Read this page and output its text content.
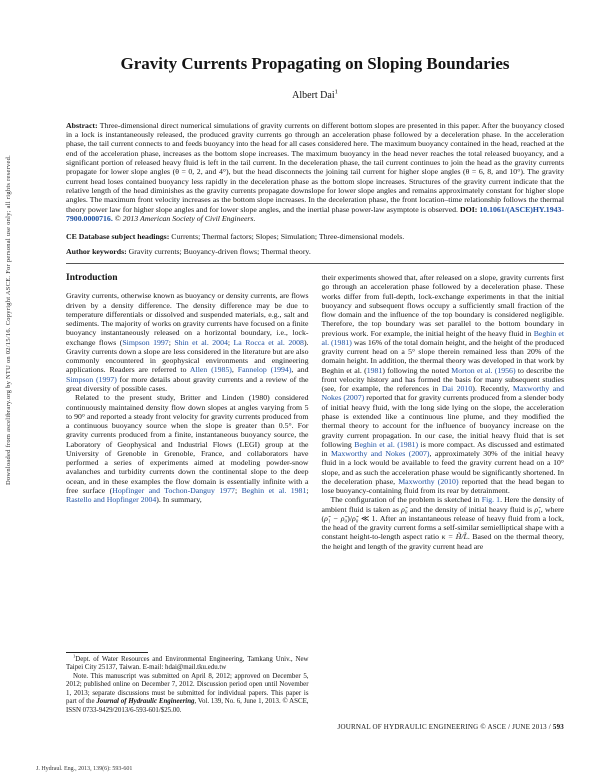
Downloaded from ascelibrary.org by NTU on 02/15/16. Copyright ASCE. For personal use only; all rights reserved.
Gravity Currents Propagating on Sloping Boundaries
Albert Dai$^1$

Abstract: Three-dimensional direct numerical simulations of gravity currents on different bottom slopes are presented in this paper. After the buoyancy closed in a lock is instantaneously released, the produced gravity currents go through an acceleration phase followed by a deceleration phase. In the acceleration phase, the tail current connects to and feeds buoyancy into the head for all cases considered here. The maximum buoyancy contained in the head, reached at the end of the acceleration phase, increases as the bottom slope increases. The maximum buoyancy in the head never reaches the total released buoyancy, and a significant portion of released heavy fluid is left in the tail current. In the deceleration phase, the tail current continues to join the head as the gravity currents propagate for lower slope angles (θ = 0, 2, and 4°), but the head disconnects the joining tail current for higher slope angles (θ = 6, 8, and 10°). The gravity current head loses contained buoyancy less rapidly in the deceleration phase as the bottom slope increases. Structures of the gravity current indicate that the relative length of the head diminishes as the gravity currents propagate downslope for lower slope angles and remains approximately constant for higher slope angles. The maximum front velocity increases as the bottom slope increases. In the deceleration phase, the front location–time relationship follows the thermal theory power law for higher slope angles and for lower slope angles, and the inertial phase power-law asymptote is observed. DOI: 10.1061/(ASCE)HY.1943-7900.0000716. © 2013 American Society of Civil Engineers.

CE Database subject headings: Currents; Thermal factors; Slopes; Simulation; Three-dimensional models.

Author keywords: Gravity currents; Buoyancy-driven flows; Thermal theory.

Introduction

Gravity currents, otherwise known as buoyancy or density currents, are flows driven by a density difference. The density difference may be due to temperature differentials or dissolved and suspended materials, e.g., salt and sediments. The majority of works on gravity currents have focused on a finite buoyancy instantaneously released on a horizontal boundary, i.e., lock-exchange flows (Simpson 1997; Shin et al. 2004; La Rocca et al. 2008). Gravity currents down a slope are less considered in the literature but are also commonly encountered in geophysical environments and engineering applications. Readers are referred to Allen (1985), Fannelop (1994), and Simpson (1997) for more details about gravity currents and a review of the great diversity of possible cases.

Related to the present study, Britter and Linden (1980) considered continuously maintained density flow down slopes at angles varying from 5 to 90° and reported a steady front velocity for gravity currents produced from a continuous buoyancy source when the slope is greater than 0.5°. For gravity currents produced from a finite, instantaneous buoyancy source, the Laboratory of Geophysical and Industrial Flows (LEGI) group at the University of Grenoble in Grenoble, France, and collaborators have performed a series of experiments aimed at modeling powder-snow avalanches and turbidity currents down the continental slope to the deep ocean, and in these examples the flow domain is essentially infinite with a free surface (Hopfinger and Tochon-Danguy 1977; Beghin et al. 1981; Rastello and Hopfinger 2004). In summary,

$^1$Dept. of Water Resources and Environmental Engineering, Tamkang Univ., New Taipei City 25137, Taiwan. E-mail: hdai@mail.tku.edu.tw

Note. This manuscript was submitted on April 8, 2012; approved on December 5, 2012; published online on December 7, 2012. Discussion period open until November 1, 2013; separate discussions must be submitted for individual papers. This paper is part of the Journal of Hydraulic Engineering, Vol. 139, No. 6, June 1, 2013. © ASCE, ISSN 0733-9429/2013/6-593-601/$25.00.

their experiments showed that, after released on a slope, gravity currents first go through an acceleration phase followed by a deceleration phase. These works differ from full-depth, lock-exchange experiments in that the initial buoyancy and subsequent flows occupy a sufficiently small fraction of the flow domain and the influence of the top boundary is considered negligible. Therefore, the top boundary was set parallel to the bottom boundary in previous work. For example, the initial height of the heavy fluid in Beghin et al. (1981) was 16% of the total domain height, and the height of the produced gravity current head on a 5° slope therein remained less than 20% of the domain height. In addition, the thermal theory was developed in that work by Beghin et al. (1981) following the noted Morton et al. (1956) to describe the front velocity history and has formed the basis for many subsequent studies (see, for example, the references in Dai 2010). Recently, Maxworthy and Nokes (2007) reported that for gravity currents produced from a slender body of initial heavy fluid, with the long side lying on the slope, the acceleration phase is extended like a continuous line plume, and they modified the thermal theory to account for the influence of buoyancy increase on the gravity current propagation. In our case, the initial heavy fluid that is set following Beghin et al. (1981) is more compact. As discussed and estimated in Maxworthy and Nokes (2007), approximately 30% of the initial heavy fluid in a lock would be available to feed the gravity current head on a 10° slope, and as such the acceleration phase would be significantly shortened. In the deceleration phase, Maxworthy (2010) reported that the head began to lose buoyancy-containing fluid from its rear by detrainment.

The configuration of the problem is sketched in Fig. 1. Here the density of ambient fluid is taken as ρ̃₀ and the density of initial heavy fluid is ρ̃₁, where (ρ̃₁ − ρ̃₀)/ρ̃₀ ≪ 1. After an instantaneous release of heavy fluid from a lock, the head of the gravity current forms a self-similar semielliptical shape with a constant height-to-length aspect ratio κ = H̃/L̃. Based on the thermal theory, the height and length of the gravity current head are

JOURNAL OF HYDRAULIC ENGINEERING © ASCE / JUNE 2013 / 593
J. Hydraul. Eng., 2013, 139(6): 593-601
